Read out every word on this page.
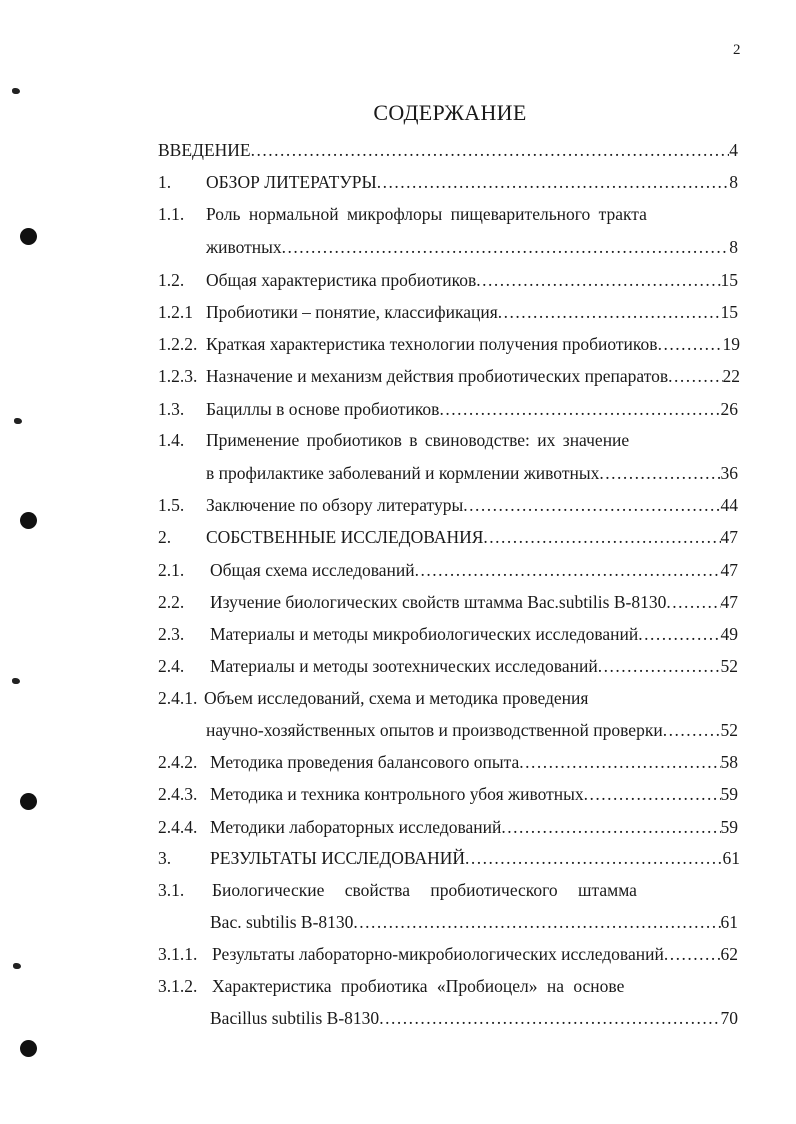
2
СОДЕРЖАНИЕ
ВВЕДЕНИЕ .....	4
1. ОБЗОР ЛИТЕРАТУРЫ .....	8
1.1. Роль нормальной микрофлоры пищеварительного тракта
животных .....	8
1.2. Общая характеристика пробиотиков .....	15
1.2.1 Пробиотики – понятие, классификация .....	15
1.2.2. Краткая характеристика технологии получения пробиотиков .....	19
1.2.3. Назначение и механизм действия пробиотических препаратов .....	22
1.3. Бациллы в основе пробиотиков .....	26
1.4. Применение пробиотиков в свиноводстве: их значение
в профилактике заболеваний и кормлении животных .....	36
1.5. Заключение по обзору литературы .....	44
2. СОБСТВЕННЫЕ ИССЛЕДОВАНИЯ .....	47
2.1. Общая схема исследований .....	47
2.2. Изучение биологических свойств штамма Bac.subtilis B-8130 .....	47
2.3. Материалы и методы микробиологических исследований .....	49
2.4. Материалы и методы зоотехнических исследований .....	52
2.4.1. Объем исследований, схема и методика проведения
научно-хозяйственных опытов и производственной проверки .....	52
2.4.2. Методика проведения балансового опыта .....	58
2.4.3. Методика и техника контрольного убоя животных .....	59
2.4.4. Методики лабораторных исследований .....	59
3. РЕЗУЛЬТАТЫ ИССЛЕДОВАНИЙ .....	61
3.1. Биологические свойства пробиотического штамма
Bac. subtilis B-8130 .....	61
3.1.1. Результаты лабораторно-микробиологических исследований .....	62
3.1.2. Характеристика пробиотика «Пробиоцел» на основе
Bacillus subtilis B-8130 .....	70
